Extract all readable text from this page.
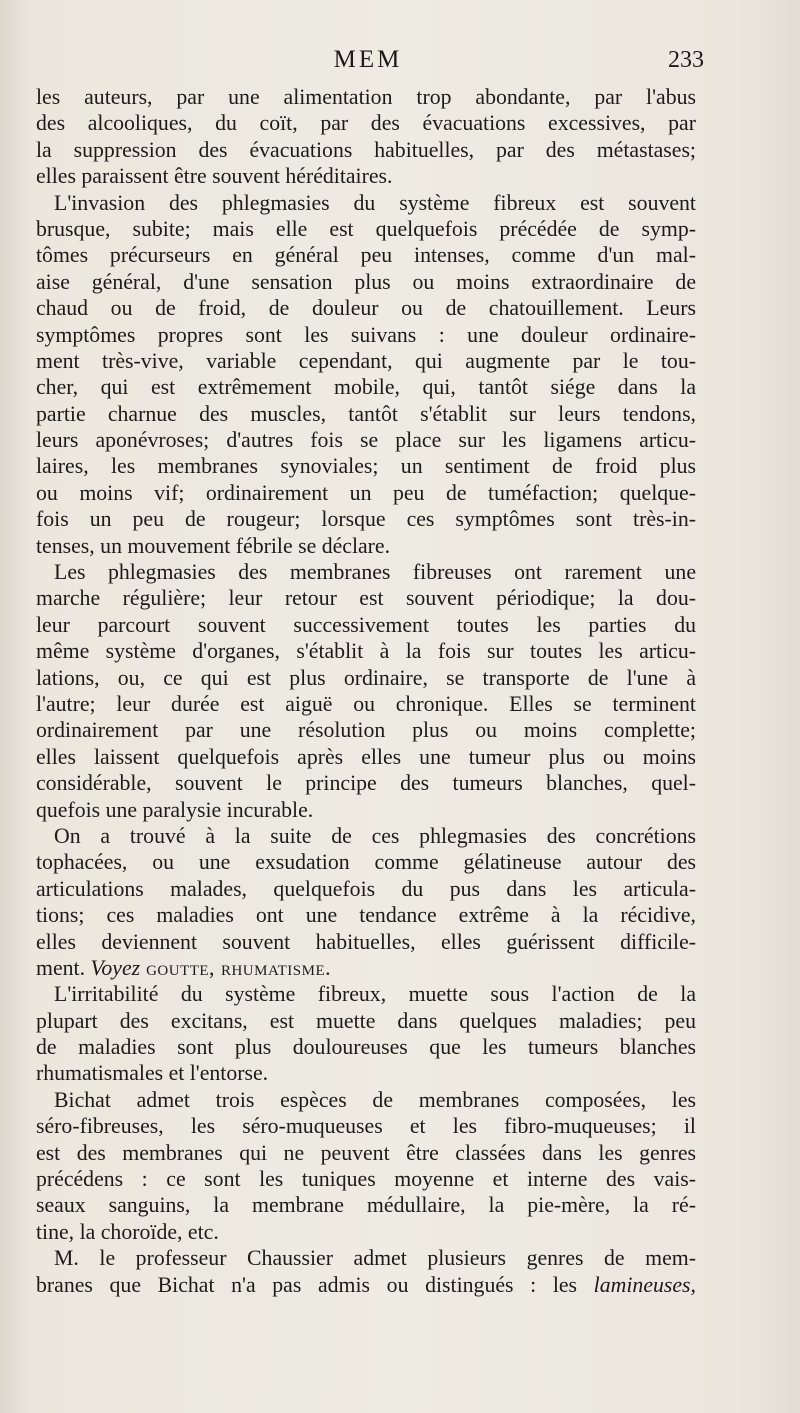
MEM	233
les auteurs, par une alimentation trop abondante, par l'abus
des alcooliques, du coït, par des évacuations excessives, par
la suppression des évacuations habituelles, par des métastases;
elles paraissent être souvent héréditaires.
L'invasion des phlegmasies du système fibreux est souvent
brusque, subite; mais elle est quelquefois précédée de symp-
tômes précurseurs en général peu intenses, comme d'un mal-
aise général, d'une sensation plus ou moins extraordinaire de
chaud ou de froid, de douleur ou de chatouillement. Leurs
symptômes propres sont les suivans : une douleur ordinaire-
ment très-vive, variable cependant, qui augmente par le tou-
cher, qui est extrêmement mobile, qui, tantôt siége dans la
partie charnue des muscles, tantôt s'établit sur leurs tendons,
leurs aponévroses; d'autres fois se place sur les ligamens articu-
laires, les membranes synoviales; un sentiment de froid plus
ou moins vif; ordinairement un peu de tuméfaction; quelque-
fois un peu de rougeur; lorsque ces symptômes sont très-in-
tenses, un mouvement fébrile se déclare.
Les phlegmasies des membranes fibreuses ont rarement une
marche régulière; leur retour est souvent périodique; la dou-
leur parcourt souvent successivement toutes les parties du
même système d'organes, s'établit à la fois sur toutes les articu-
lations, ou, ce qui est plus ordinaire, se transporte de l'une à
l'autre; leur durée est aiguë ou chronique. Elles se terminent
ordinairement par une résolution plus ou moins complette;
elles laissent quelquefois après elles une tumeur plus ou moins
considérable, souvent le principe des tumeurs blanches, quel-
quefois une paralysie incurable.
On a trouvé à la suite de ces phlegmasies des concrétions
tophacées, ou une exsudation comme gélatineuse autour des
articulations malades, quelquefois du pus dans les articula-
tions; ces maladies ont une tendance extrême à la récidive,
elles deviennent souvent habituelles, elles guérissent difficile-
ment. Voyez goutte, rhumatisme.
L'irritabilité du système fibreux, muette sous l'action de la
plupart des excitans, est muette dans quelques maladies; peu
de maladies sont plus douloureuses que les tumeurs blanches
rhumatismales et l'entorse.
Bichat admet trois espèces de membranes composées, les
séro-fibreuses, les séro-muqueuses et les fibro-muqueuses; il
est des membranes qui ne peuvent être classées dans les genres
précédens : ce sont les tuniques moyenne et interne des vais-
seaux sanguins, la membrane médullaire, la pie-mère, la ré-
tine, la choroïde, etc.
M. le professeur Chaussier admet plusieurs genres de mem-
branes que Bichat n'a pas admis ou distingués : les lamineuses,
